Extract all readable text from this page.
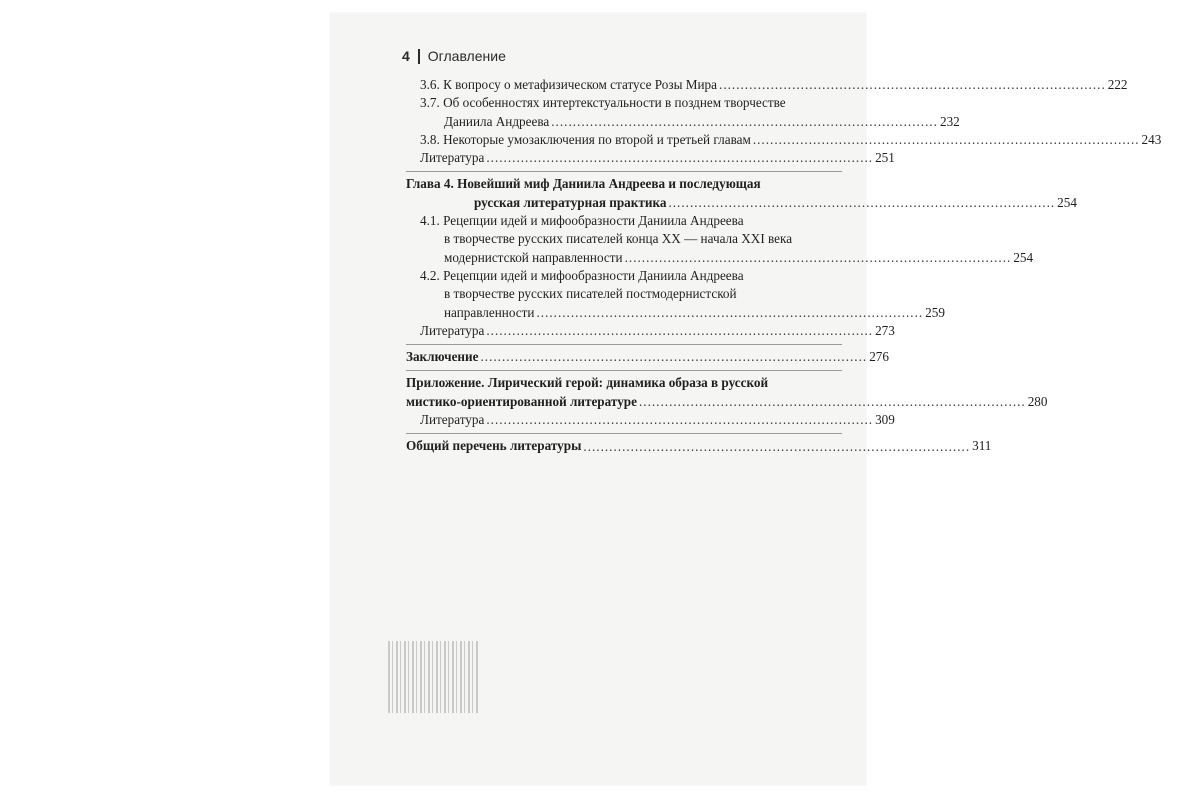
4 Оглавление
3.6. К вопросу о метафизическом статусе Розы Мира .......................................................................................... 222
3.7. Об особенностях интертекстуальности в позднем творчестве
Даниила Андреева .......................................................................................... 232
3.8. Некоторые умозаключения по второй и третьей главам .......................................................................................... 243
Литература .......................................................................................... 251
Глава 4. Новейший миф Даниила Андреева и последующая
русская литературная практика .......................................................................................... 254
4.1. Рецепции идей и мифообразности Даниила Андреева
в творчестве русских писателей конца XX — начала XXI века
модернистской направленности .......................................................................................... 254
4.2. Рецепции идей и мифообразности Даниила Андреева
в творчестве русских писателей постмодернистской
направленности .......................................................................................... 259
Литература .......................................................................................... 273
Заключение .......................................................................................... 276
Приложение. Лирический герой: динамика образа в русской
мистико-ориентированной литературе .......................................................................................... 280
Литература .......................................................................................... 309
Общий перечень литературы .......................................................................................... 311
